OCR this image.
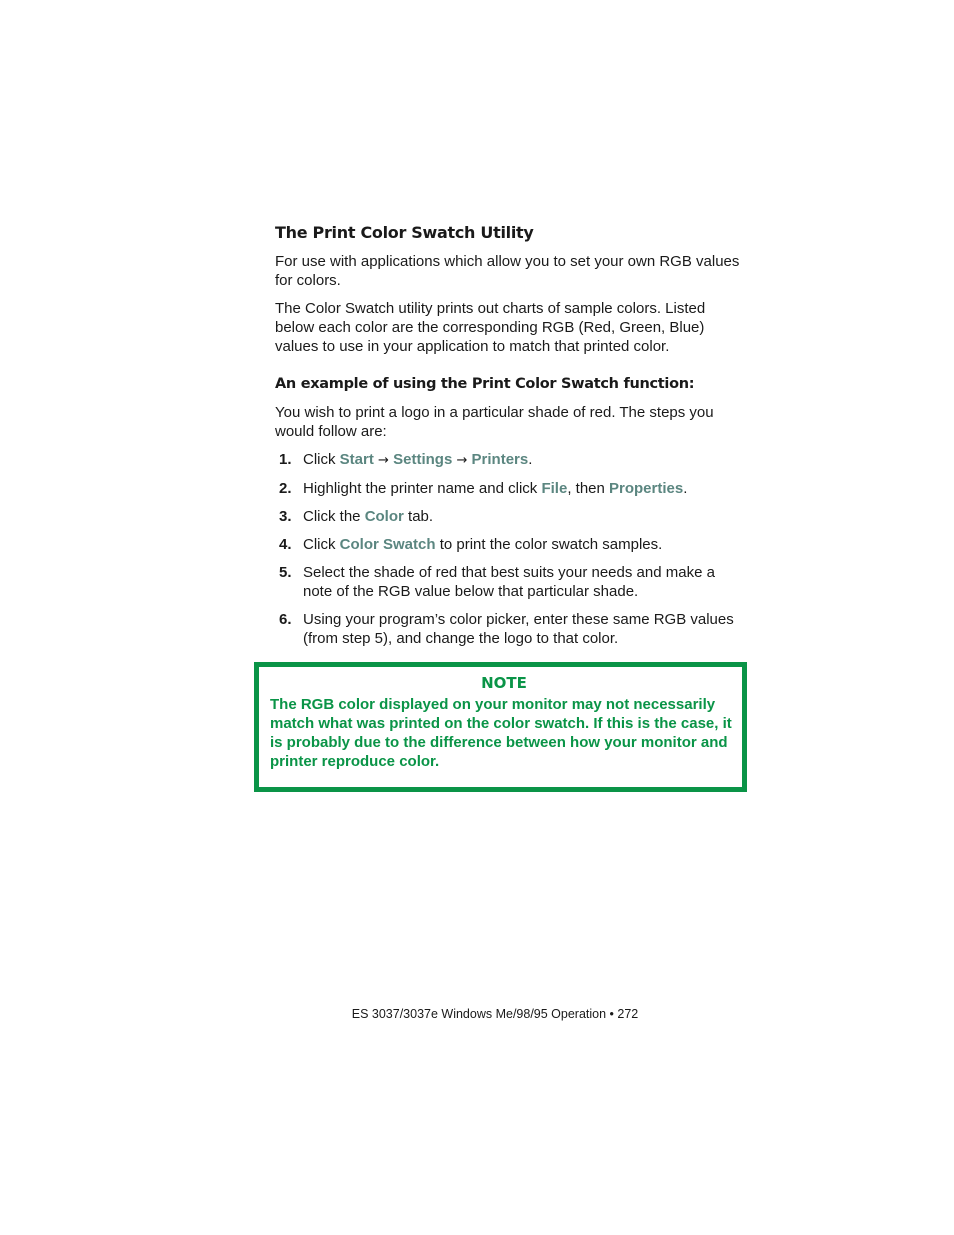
The Print Color Swatch Utility

For use with applications which allow you to set your own RGB values for colors.

The Color Swatch utility prints out charts of sample colors. Listed below each color are the corresponding RGB (Red, Green, Blue) values to use in your application to match that printed color.

An example of using the Print Color Swatch function:

You wish to print a logo in a particular shade of red. The steps you would follow are:

1. Click Start → Settings → Printers.
2. Highlight the printer name and click File, then Properties.
3. Click the Color tab.
4. Click Color Swatch to print the color swatch samples.
5. Select the shade of red that best suits your needs and make a note of the RGB value below that particular shade.
6. Using your program’s color picker, enter these same RGB values (from step 5), and change the logo to that color.
NOTE

The RGB color displayed on your monitor may not necessarily match what was printed on the color swatch. If this is the case, it is probably due to the difference between how your monitor and printer reproduce color.

ES 3037/3037e Windows Me/98/95 Operation • 272
